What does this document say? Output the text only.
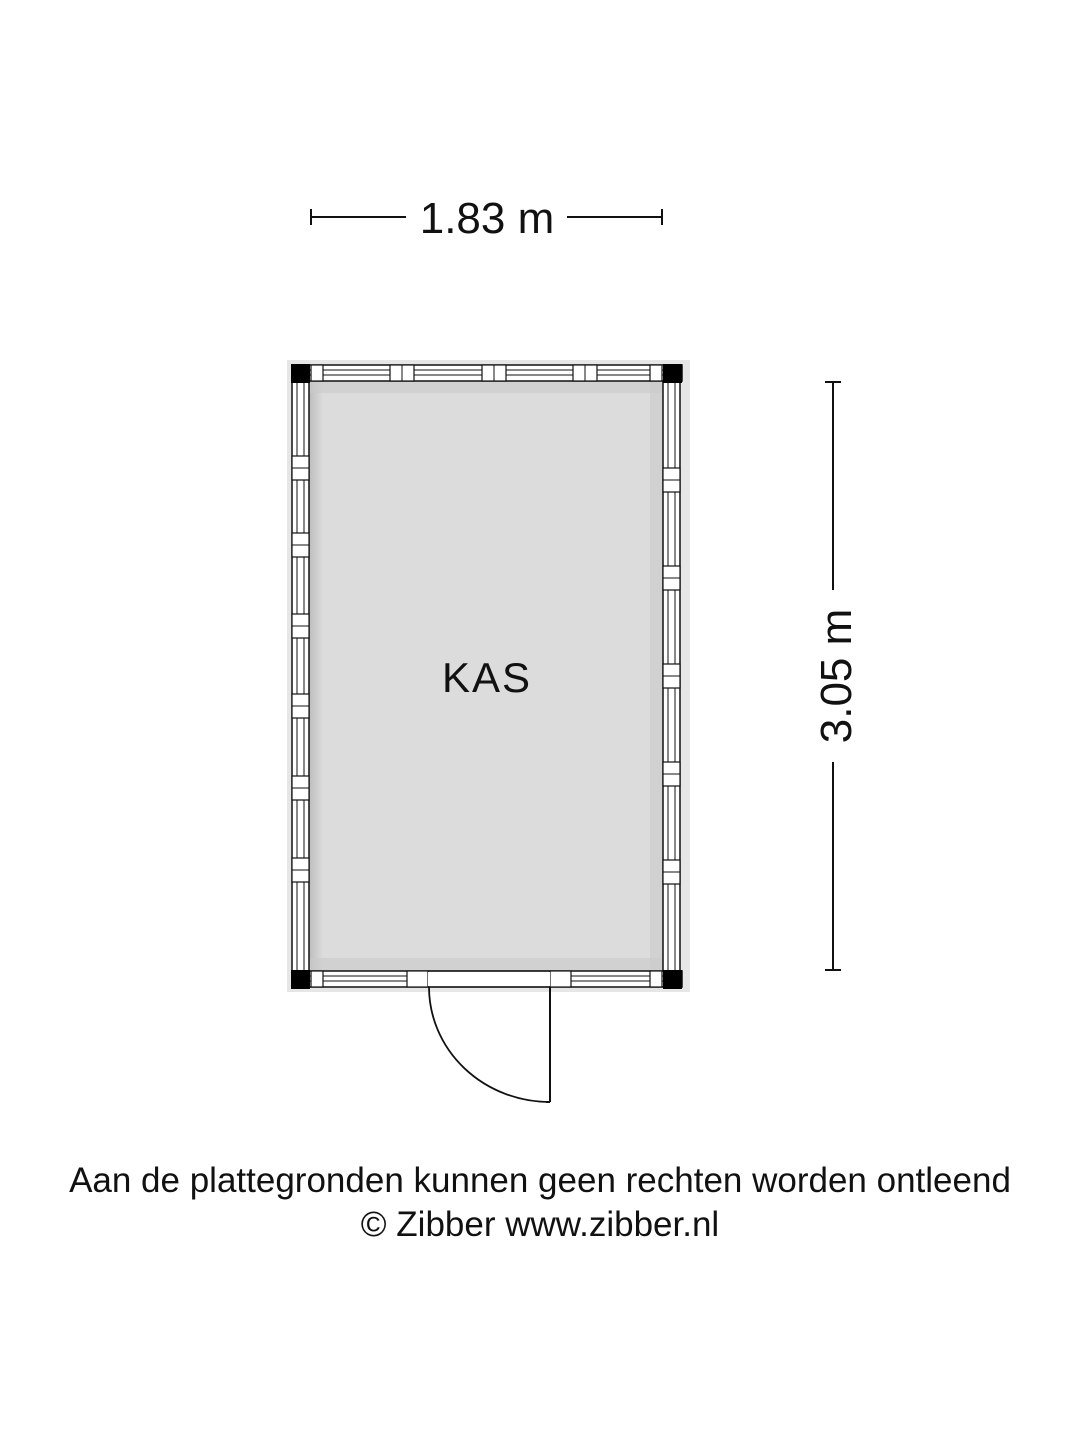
1.83 m
3.05 m
KAS
Aan de plattegronden kunnen geen rechten worden ontleend
© Zibber www.zibber.nl
